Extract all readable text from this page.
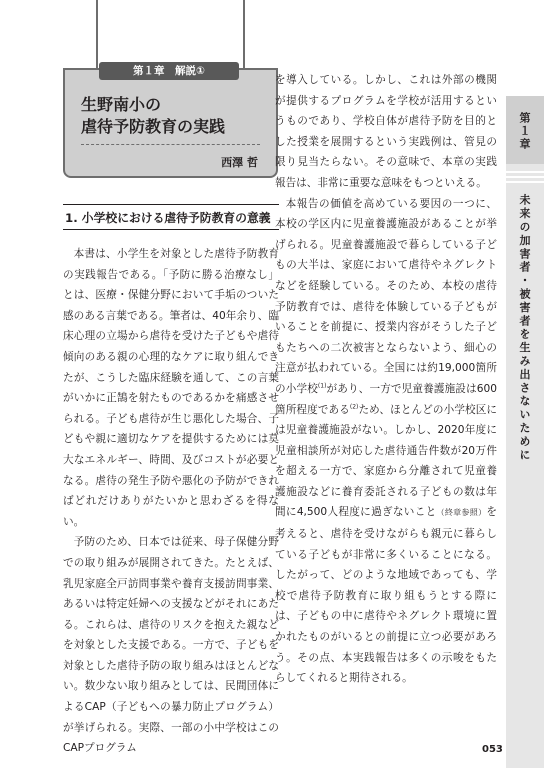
第１章　解説①
生野南小の
虐待予防教育の実践
西澤 哲
1. 小学校における虐待予防教育の意義

本書は、小学生を対象とした虐待予防教育の実践報告である。「予防に勝る治療なし」とは、医療・保健分野において手垢のついた感のある言葉である。筆者は、40年余り、臨床心理の立場から虐待を受けた子どもや虐待傾向のある親の心理的なケアに取り組んできたが、こうした臨床経験を通して、この言葉がいかに正鵠を射たものであるかを痛感させられる。子ども虐待が生じ悪化した場合、子どもや親に適切なケアを提供するためには莫大なエネルギー、時間、及びコストが必要となる。虐待の発生予防や悪化の予防ができればどれだけありがたいかと思わざるを得ない。

予防のため、日本では従来、母子保健分野での取り組みが展開されてきた。たとえば、乳児家庭全戸訪問事業や養育支援訪問事業、あるいは特定妊婦への支援などがそれにあたる。これらは、虐待のリスクを抱えた親などを対象とした支援である。一方で、子どもを対象とした虐待予防の取り組みはほとんどない。数少ない取り組みとしては、民間団体によるCAP（子どもへの暴力防止プログラム）が挙げられる。実際、一部の小中学校はこのCAPプログラム

を導入している。しかし、これは外部の機関が提供するプログラムを学校が活用するというものであり、学校自体が虐待予防を目的とした授業を展開するという実践例は、管見の限り見当たらない。その意味で、本章の実践報告は、非常に重要な意味をもつといえる。

本報告の価値を高めている要因の一つに、本校の学区内に児童養護施設があることが挙げられる。児童養護施設で暮らしている子どもの大半は、家庭において虐待やネグレクトなどを経験している。そのため、本校の虐待予防教育では、虐待を体験している子どもがいることを前提に、授業内容がそうした子どもたちへの二次被害とならないよう、細心の注意が払われている。全国には約19,000箇所の小学校$^{(1)}$があり、一方で児童養護施設は600箇所程度である$^{(2)}$ため、ほとんどの小学校区には児童養護施設がない。しかし、2020年度に児童相談所が対応した虐待通告件数が20万件を超える一方で、家庭から分離されて児童養護施設などに養育委託される子どもの数は年間に4,500人程度に過ぎないこと（終章参照）を考えると、虐待を受けながらも親元に暮らしている子どもが非常に多くいることになる。したがって、どのような地域であっても、学校で虐待予防教育に取り組もうとする際には、子どもの中に虐待やネグレクト環境に置かれたものがいるとの前提に立つ必要があろう。その点、本実践報告は多くの示唆をもたらしてくれると期待される。

第１章
未来の加害者・被害者を生み出さないために
053
